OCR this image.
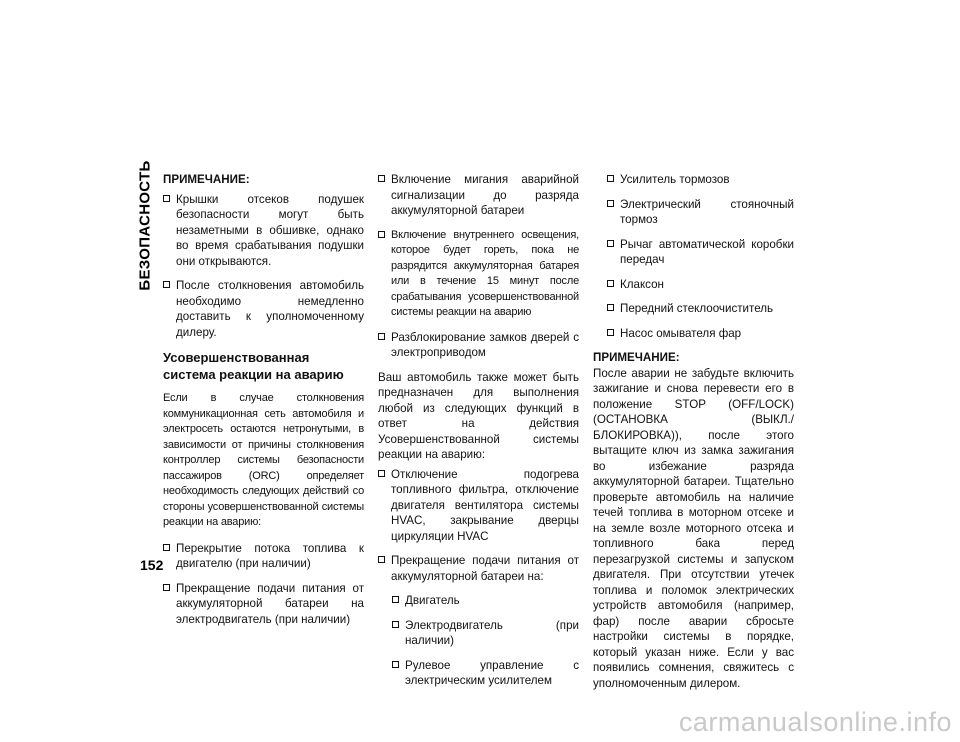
БЕЗОПАСНОСТЬ ПРИМЕЧАНИЕ:

Крышки отсеков подушек безопасности могут быть незаметными в обшивке, однако во время срабатывания подушки они открываются.
После столкновения автомобиль необходимо немедленно доставить к уполномоченному дилеру.

Усовершенствованная система реакции на аварию

Если в случае столкновения коммуникационная сеть автомобиля и электросеть остаются нетронутыми, в зависимости от причины столкновения контроллер системы безопасности пассажиров (ORC) определяет необходимость следующих действий со стороны усовершенствованной системы реакции на аварию:

Перекрытие потока топлива к двигателю (при наличии)
Прекращение подачи питания от аккумуляторной батареи на электродвигатель (при наличии)
Включение мигания аварийной сигнализации до разряда аккумуляторной батареи
Включение внутреннего освещения, которое будет гореть, пока не разрядится аккумуляторная батарея или в течение 15 минут после срабатывания усовершенствованной системы реакции на аварию
Разблокирование замков дверей с электроприводом

Ваш автомобиль также может быть предназначен для выполнения любой из следующих функций в ответ на действия Усовершенствованной системы реакции на аварию:

Отключение подогрева топливного фильтра, отключение двигателя вентилятора системы HVAC, закрывание дверцы циркуляции HVAC
Прекращение подачи питания от аккумуляторной батареи на:
Двигатель
Электродвигатель (при наличии)
Рулевое управление с электрическим усилителем
Усилитель тормозов
Электрический стояночный тормоз
Рычаг автоматической коробки передач
Клаксон
Передний стеклоочиститель
Насос омывателя фар

ПРИМЕЧАНИЕ:

После аварии не забудьте включить зажигание и снова перевести его в положение STOP (OFF/LOCK) (ОСТАНОВКА (ВЫКЛ./БЛОКИРОВКА)), после этого вытащите ключ из замка зажигания во избежание разряда аккумуляторной батареи. Тщательно проверьте автомобиль на наличие течей топлива в моторном отсеке и на земле возле моторного отсека и топливного бака перед перезагрузкой системы и запуском двигателя. При отсутствии утечек топлива и поломок электрических устройств автомобиля (например, фар) после аварии сбросьте настройки системы в порядке, который указан ниже. Если у вас появились сомнения, свяжитесь с уполномоченным дилером.

152
carmanualsonline.info
